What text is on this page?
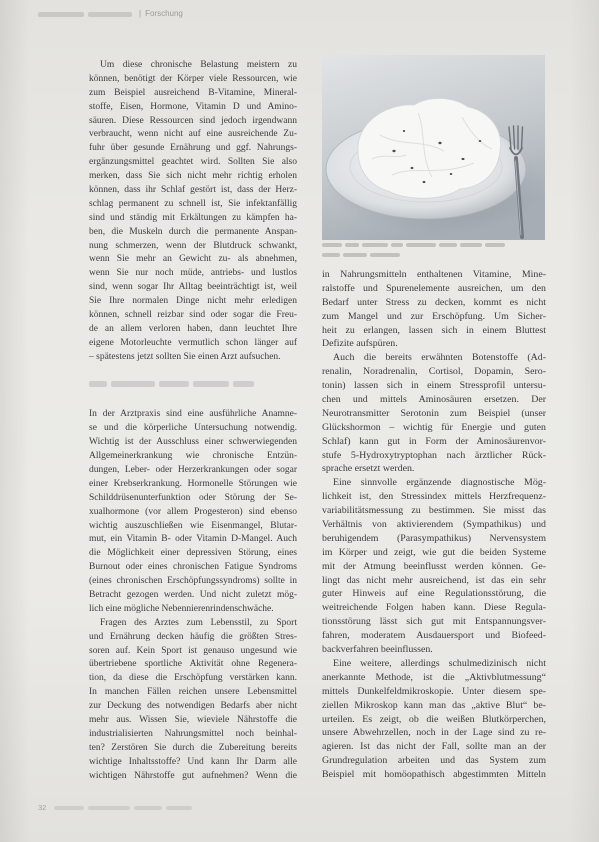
| Forschung
Um diese chronische Belastung meistern zu
können, benötigt der Körper viele Ressourcen, wie
zum Beispiel ausreichend B-Vitamine, Mineral-
stoffe, Eisen, Hormone, Vitamin D und Amino-
säuren. Diese Ressourcen sind jedoch irgendwann
verbraucht, wenn nicht auf eine ausreichende Zu-
fuhr über gesunde Ernährung und ggf. Nahrungs-
ergänzungsmittel geachtet wird. Sollten Sie also
merken, dass Sie sich nicht mehr richtig erholen
können, dass ihr Schlaf gestört ist, dass der Herz-
schlag permanent zu schnell ist, Sie infektanfällig
sind und ständig mit Erkältungen zu kämpfen ha-
ben, die Muskeln durch die permanente Anspan-
nung schmerzen, wenn der Blutdruck schwankt,
wenn Sie mehr an Gewicht zu- als abnehmen,
wenn Sie nur noch müde, antriebs- und lustlos
sind, wenn sogar Ihr Alltag beeinträchtigt ist, weil
Sie Ihre normalen Dinge nicht mehr erledigen
können, schnell reizbar sind oder sogar die Freu-
de an allem verloren haben, dann leuchtet Ihre
eigene Motorleuchte vermutlich schon länger auf
– spätestens jetzt sollten Sie einen Arzt aufsuchen.
In der Arztpraxis sind eine ausführliche Anamne-
se und die körperliche Untersuchung notwendig.
Wichtig ist der Ausschluss einer schwerwiegenden
Allgemeinerkrankung wie chronische Entzün-
dungen, Leber- oder Herzerkrankungen oder sogar
einer Krebserkrankung. Hormonelle Störungen wie
Schilddrüsenunterfunktion oder Störung der Se-
xualhormone (vor allem Progesteron) sind ebenso
wichtig auszuschließen wie Eisenmangel, Blutar-
mut, ein Vitamin B- oder Vitamin D-Mangel. Auch
die Möglichkeit einer depressiven Störung, eines
Burnout oder eines chronischen Fatigue Syndroms
(eines chronischen Erschöpfungssyndroms) sollte in
Betracht gezogen werden. Und nicht zuletzt mög-
lich eine mögliche Nebennierenrindenschwäche.
Fragen des Arztes zum Lebensstil, zu Sport
und Ernährung decken häufig die größten Stres-
soren auf. Kein Sport ist genauso ungesund wie
übertriebene sportliche Aktivität ohne Regenera-
tion, da diese die Erschöpfung verstärken kann.
In manchen Fällen reichen unsere Lebensmittel
zur Deckung des notwendigen Bedarfs aber nicht
mehr aus. Wissen Sie, wieviele Nährstoffe die
industrialisierten Nahrungsmittel noch beinhal-
ten? Zerstören Sie durch die Zubereitung bereits
wichtige Inhaltsstoffe? Und kann Ihr Darm alle
wichtigen Nährstoffe gut aufnehmen? Wenn die
in Nahrungsmitteln enthaltenen Vitamine, Mine-
ralstoffe und Spurenelemente ausreichen, um den
Bedarf unter Stress zu decken, kommt es nicht
zum Mangel und zur Erschöpfung. Um Sicher-
heit zu erlangen, lassen sich in einem Bluttest
Defizite aufspüren.
Auch die bereits erwähnten Botenstoffe (Ad-
renalin, Noradrenalin, Cortisol, Dopamin, Sero-
tonin) lassen sich in einem Stressprofil untersu-
chen und mittels Aminosäuren ersetzen. Der
Neurotransmitter Serotonin zum Beispiel (unser
Glückshormon – wichtig für Energie und guten
Schlaf) kann gut in Form der Aminosäurenvor-
stufe 5-Hydroxytryptophan nach ärztlicher Rück-
sprache ersetzt werden.
Eine sinnvolle ergänzende diagnostische Mög-
lichkeit ist, den Stressindex mittels Herzfrequenz-
variabilitätsmessung zu bestimmen. Sie misst das
Verhältnis von aktivierendem (Sympathikus) und
beruhigendem (Parasympathikus) Nervensystem
im Körper und zeigt, wie gut die beiden Systeme
mit der Atmung beeinflusst werden können. Ge-
lingt das nicht mehr ausreichend, ist das ein sehr
guter Hinweis auf eine Regulationsstörung, die
weitreichende Folgen haben kann. Diese Regula-
tionsstörung lässt sich gut mit Entspannungsver-
fahren, moderatem Ausdauersport und Biofeed-
backverfahren beeinflussen.
Eine weitere, allerdings schulmedizinisch nicht
anerkannte Methode, ist die „Aktivblutmessung“
mittels Dunkelfeldmikroskopie. Unter diesem spe-
ziellen Mikroskop kann man das „aktive Blut“ be-
urteilen. Es zeigt, ob die weißen Blutkörperchen,
unsere Abwehrzellen, noch in der Lage sind zu re-
agieren. Ist das nicht der Fall, sollte man an der
Grundregulation arbeiten und das System zum
Beispiel mit homöopathisch abgestimmten Mitteln
32
